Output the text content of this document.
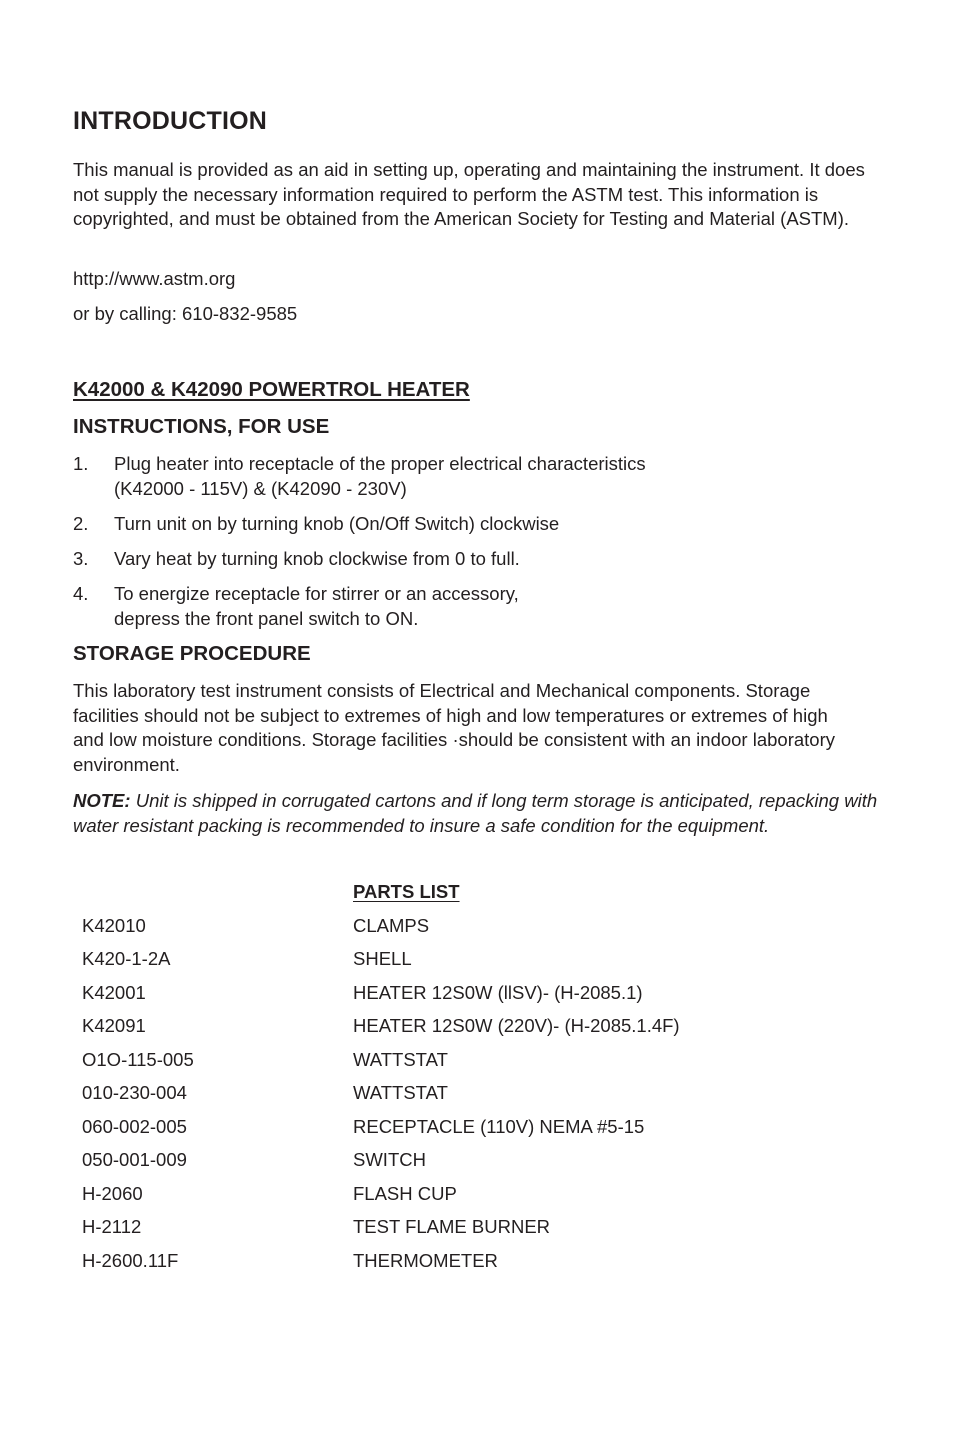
INTRODUCTION
This manual is provided as an aid in setting up, operating and maintaining the instrument. It does not supply the necessary information required to perform the ASTM test. This information is copyrighted, and must be obtained from the American Society for Testing and Material (ASTM).
http://www.astm.org
or by calling: 610-832-9585
K42000 & K42090 POWERTROL HEATER
INSTRUCTIONS, FOR USE
1. Plug heater into receptacle of the proper electrical characteristics
(K42000 - 115V) & (K42090 - 230V)
2. Turn unit on by turning knob (On/Off Switch) clockwise
3. Vary heat by turning knob clockwise from 0 to full.
4. To energize receptacle for stirrer or an accessory,
depress the front panel switch to ON.
STORAGE PROCEDURE
This laboratory test instrument consists of Electrical and Mechanical components. Storage facilities should not be subject to extremes of high and low temperatures or extremes of high and low moisture conditions. Storage facilities ·should be consistent with an indoor laboratory environment.
NOTE: Unit is shipped in corrugated cartons and if long term storage is anticipated, repacking with water resistant packing is recommended to insure a safe condition for the equipment.
PARTS LIST
K42010	CLAMPS
K420-1-2A	SHELL
K42001	HEATER 12S0W (llSV)- (H-2085.1)
K42091	HEATER 12S0W (220V)- (H-2085.1.4F)
O1O-115-005	WATTSTAT
010-230-004	WATTSTAT
060-002-005	RECEPTACLE (110V) NEMA #5-15
050-001-009	SWITCH
H-2060	FLASH CUP
H-2112	TEST FLAME BURNER
H-2600.11F	THERMOMETER
